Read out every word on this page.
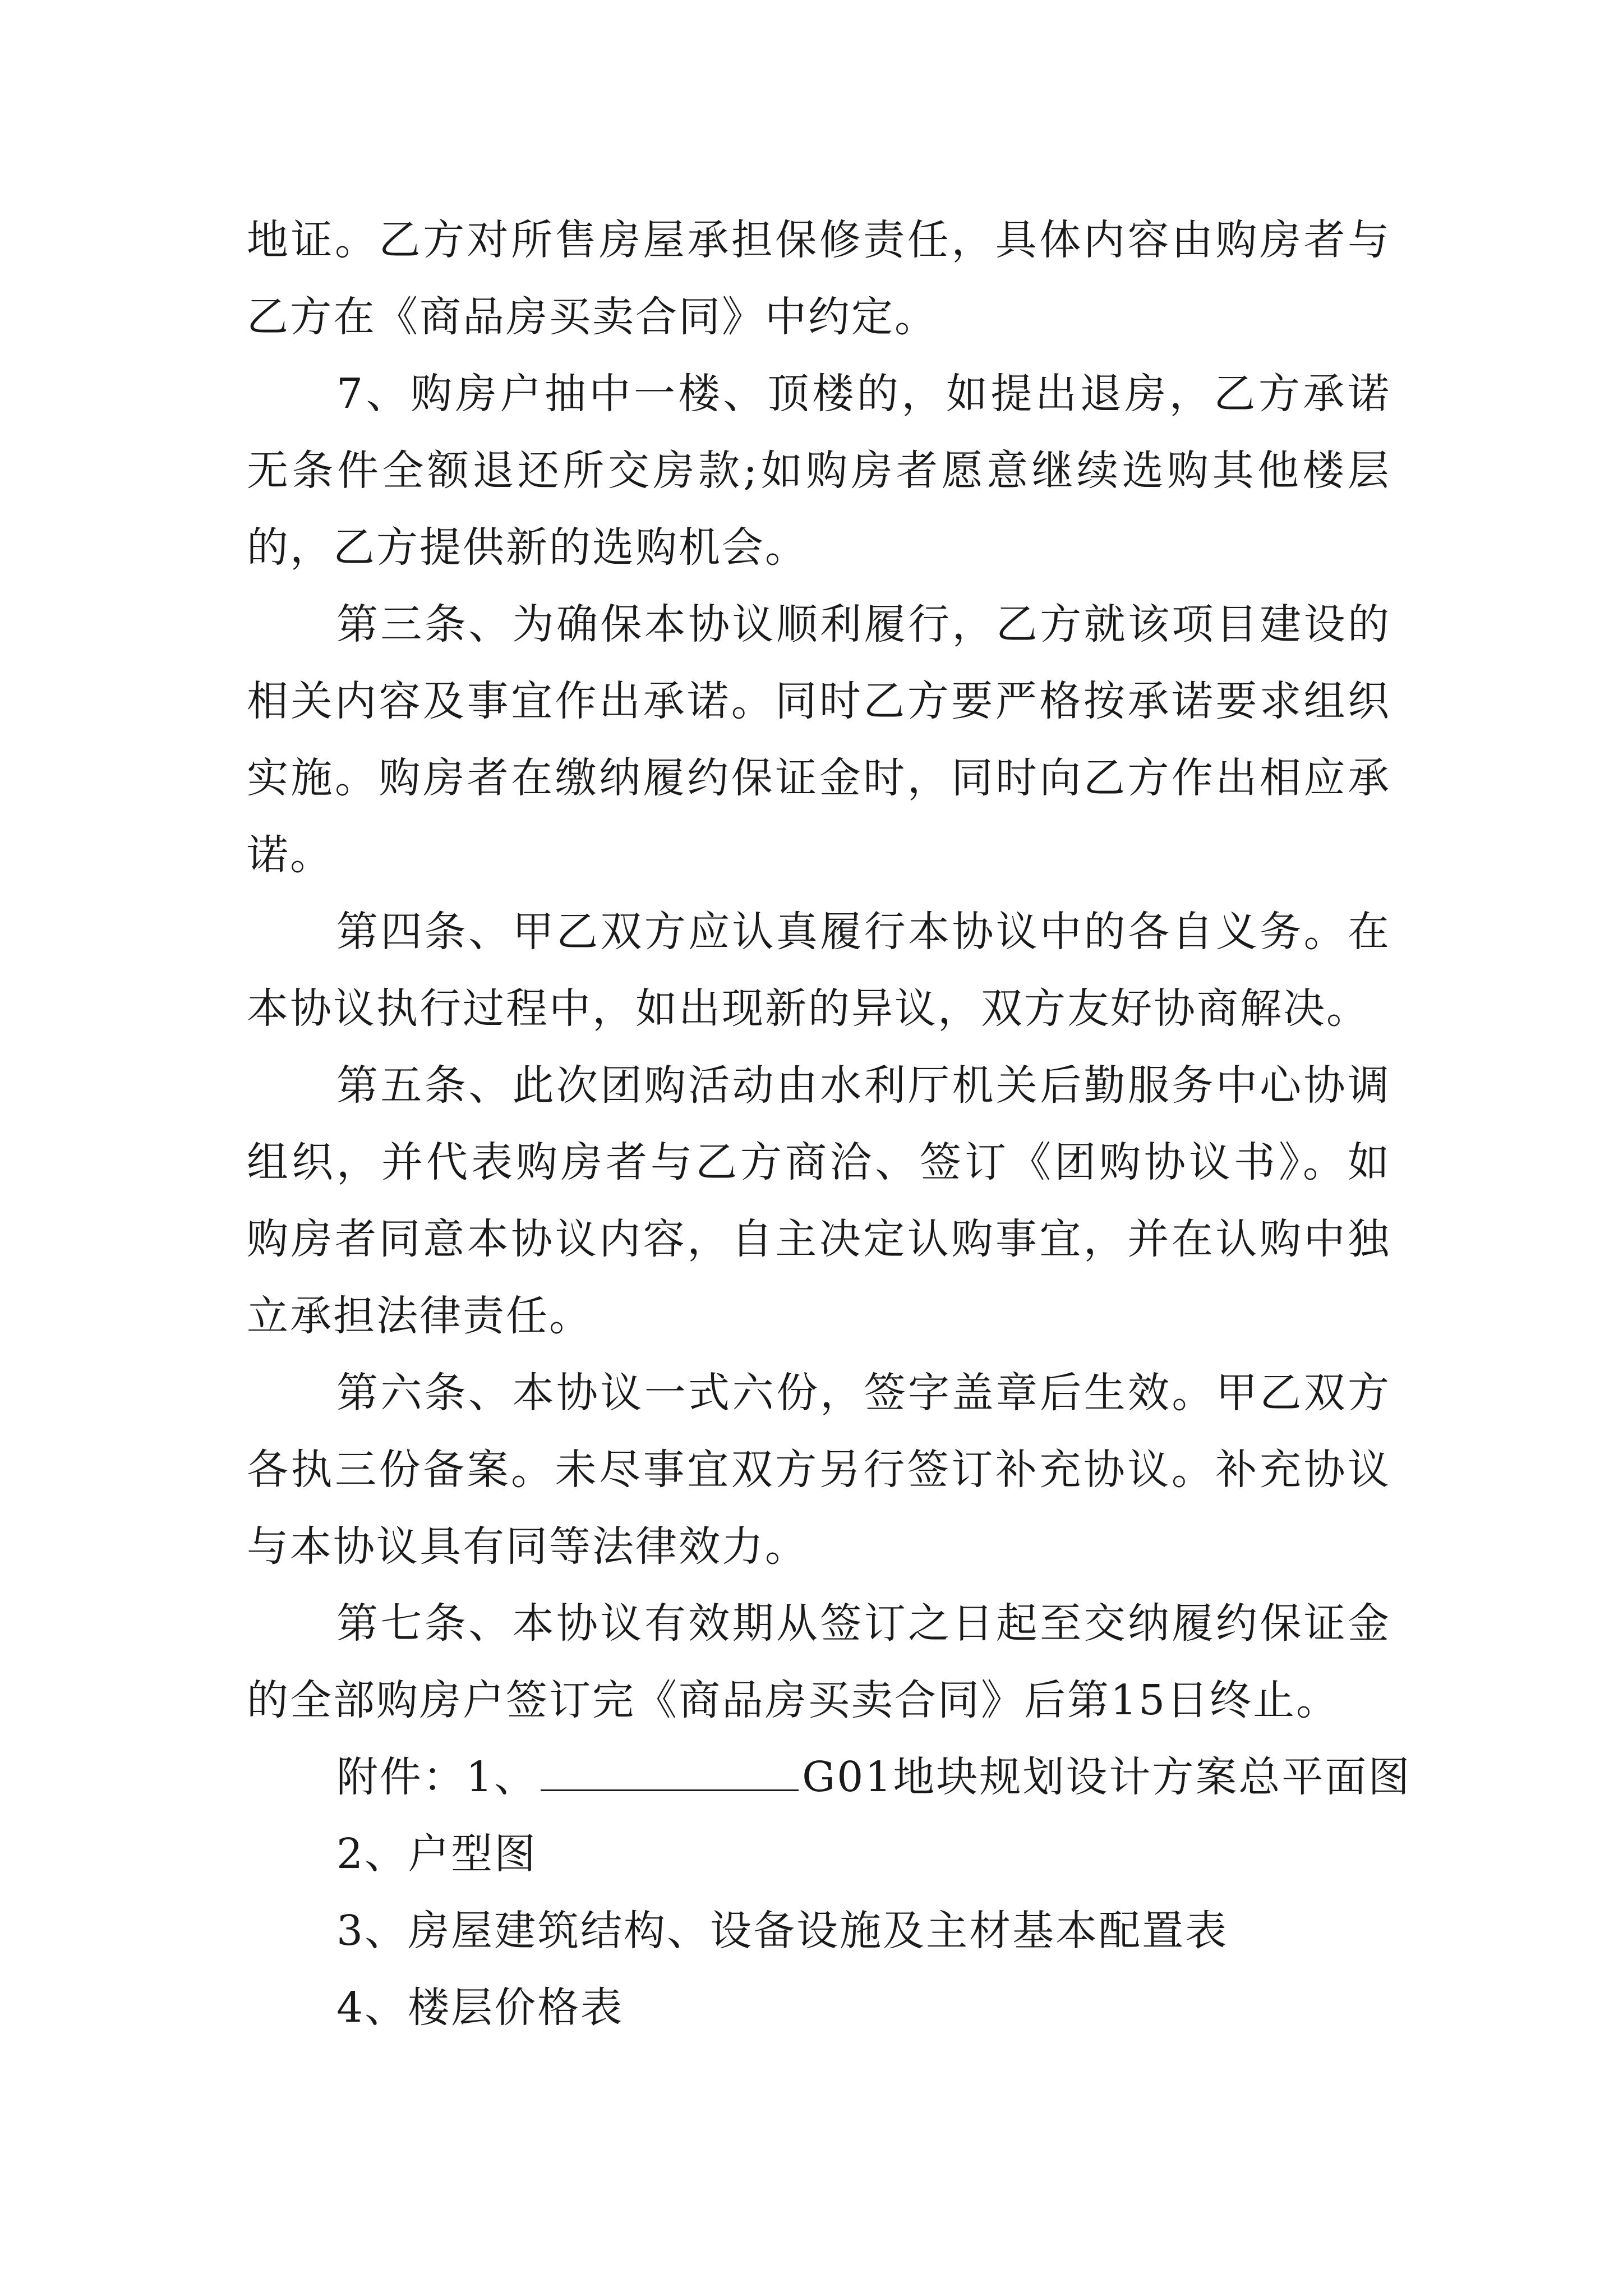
地证。乙方对所售房屋承担保修责任，具体内容由购房者与乙方在《商品房买卖合同》中约定。

7、购房户抽中一楼、顶楼的，如提出退房，乙方承诺无条件全额退还所交房款;如购房者愿意继续选购其他楼层的，乙方提供新的选购机会。

第三条、为确保本协议顺利履行，乙方就该项目建设的相关内容及事宜作出承诺。同时乙方要严格按承诺要求组织实施。购房者在缴纳履约保证金时，同时向乙方作出相应承诺。

第四条、甲乙双方应认真履行本协议中的各自义务。在本协议执行过程中，如出现新的异议，双方友好协商解决。

第五条、此次团购活动由水利厅机关后勤服务中心协调组织，并代表购房者与乙方商洽、签订《团购协议书》。如购房者同意本协议内容，自主决定认购事宜，并在认购中独立承担法律责任。

第六条、本协议一式六份，签字盖章后生效。甲乙双方各执三份备案。未尽事宜双方另行签订补充协议。补充协议与本协议具有同等法律效力。

第七条、本协议有效期从签订之日起至交纳履约保证金的全部购房户签订完《商品房买卖合同》后第15日终止。

附件：1、	G01地块规划设计方案总平面图

2、户型图

3、房屋建筑结构、设备设施及主材基本配置表

4、楼层价格表
